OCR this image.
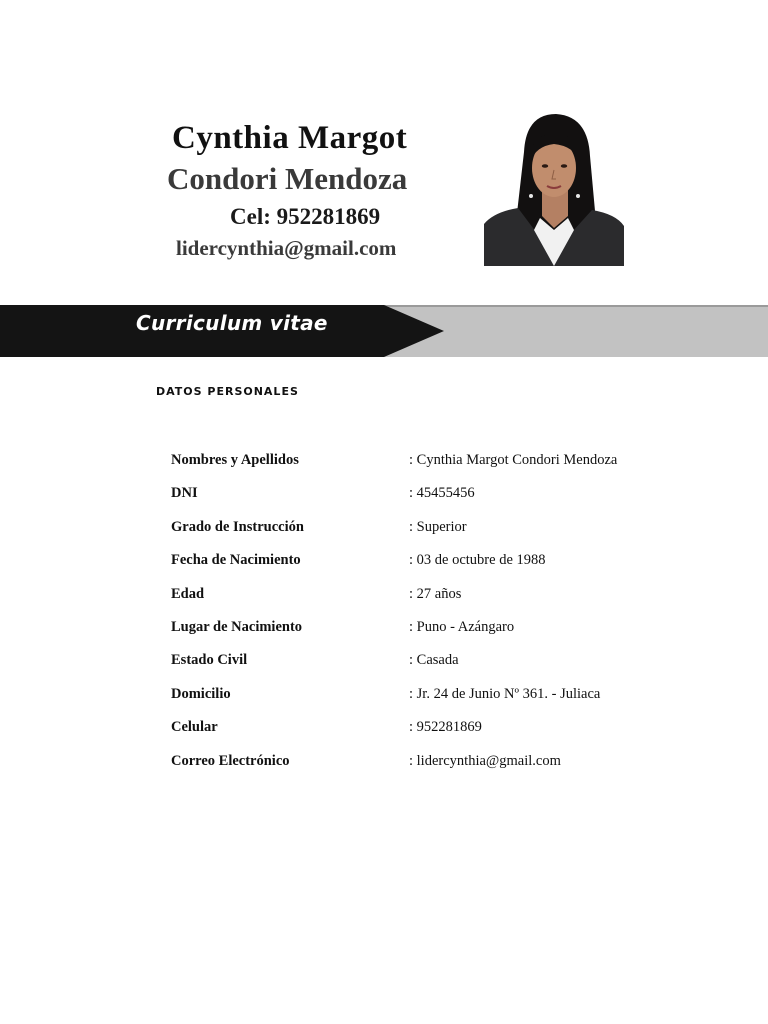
Cynthia Margot
Condori Mendoza
Cel: 952281869
lidercynthia@gmail.com
Curriculum vitae
DATOS PERSONALES
Nombres y Apellidos	: Cynthia Margot Condori Mendoza
DNI	: 45455456
Grado de Instrucción	: Superior
Fecha de Nacimiento	: 03 de octubre de 1988
Edad	: 27 años
Lugar de Nacimiento	: Puno - Azángaro
Estado Civil	: Casada
Domicilio	: Jr. 24 de Junio Nº 361. - Juliaca
Celular	: 952281869
Correo Electrónico	: lidercynthia@gmail.com
